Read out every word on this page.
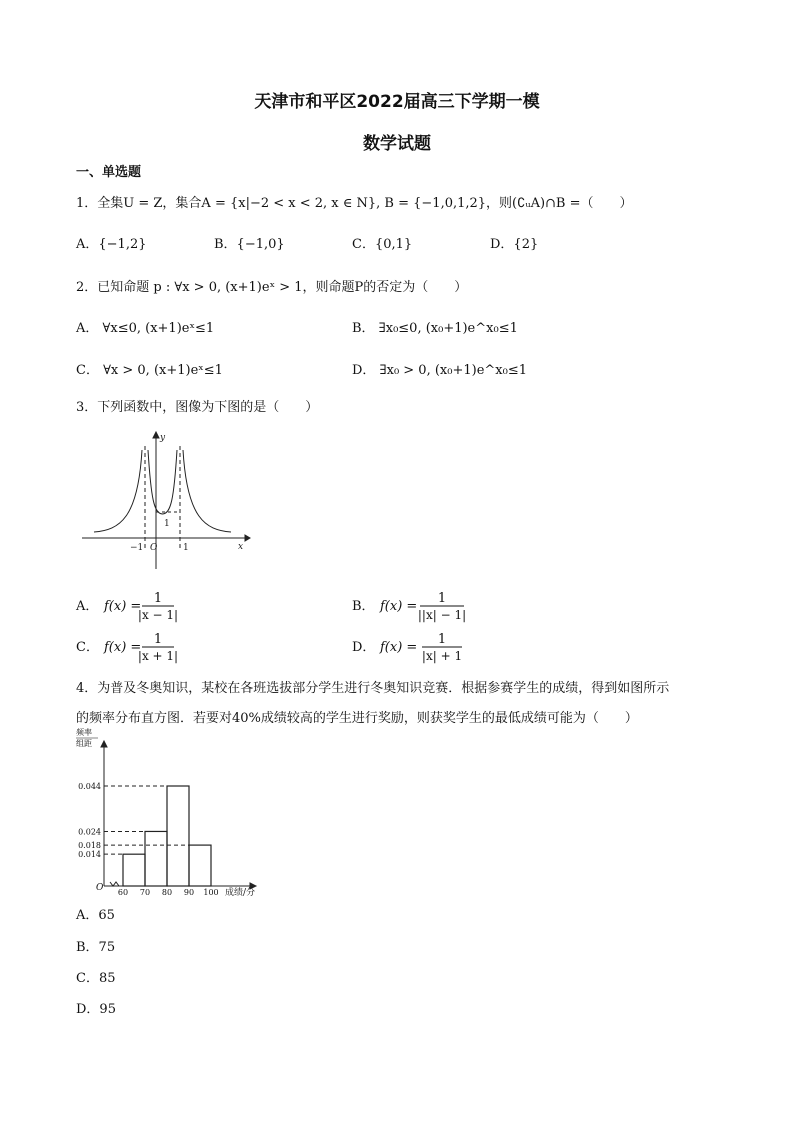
天津市和平区2022届高三下学期一模
数学试题
一、单选题
1．全集U = Z，集合A = {x|−2 < x < 2, x ∈ N}, B = {−1,0,1,2}，则(∁ᵤA)∩B =（　　）
A．{−1,2}	B．{−1,0}	C．{0,1}	D．{2}
2．已知命题 p : ∀x > 0, (x+1)eˣ > 1，则命题P的否定为（　　）
A． ∀x≤0, (x+1)eˣ≤1	B． ∃x₀≤0, (x₀+1)e^x₀≤1
C． ∀x > 0, (x+1)eˣ≤1	D． ∃x₀ > 0, (x₀+1)e^x₀≤1
3．下列函数中，图像为下图的是（　　）
y
x
−1 O	1
1
A． f(x) =
1
|x − 1|
B． f(x) =
1
||x| − 1|
C． f(x) =
1
|x + 1|
D． f(x) =
1
|x| + 1
4．为普及冬奥知识，某校在各班选拔部分学生进行冬奥知识竞赛．根据参赛学生的成绩，得到如图所示
的频率分布直方图．若要对40%成绩较高的学生进行奖励，则获奖学生的最低成绩可能为（　　）
0.044
0.024
0.018
0.014
60 70 80 90 100
频率
组距
O	成绩/分
A．65
B．75
C．85
D．95
